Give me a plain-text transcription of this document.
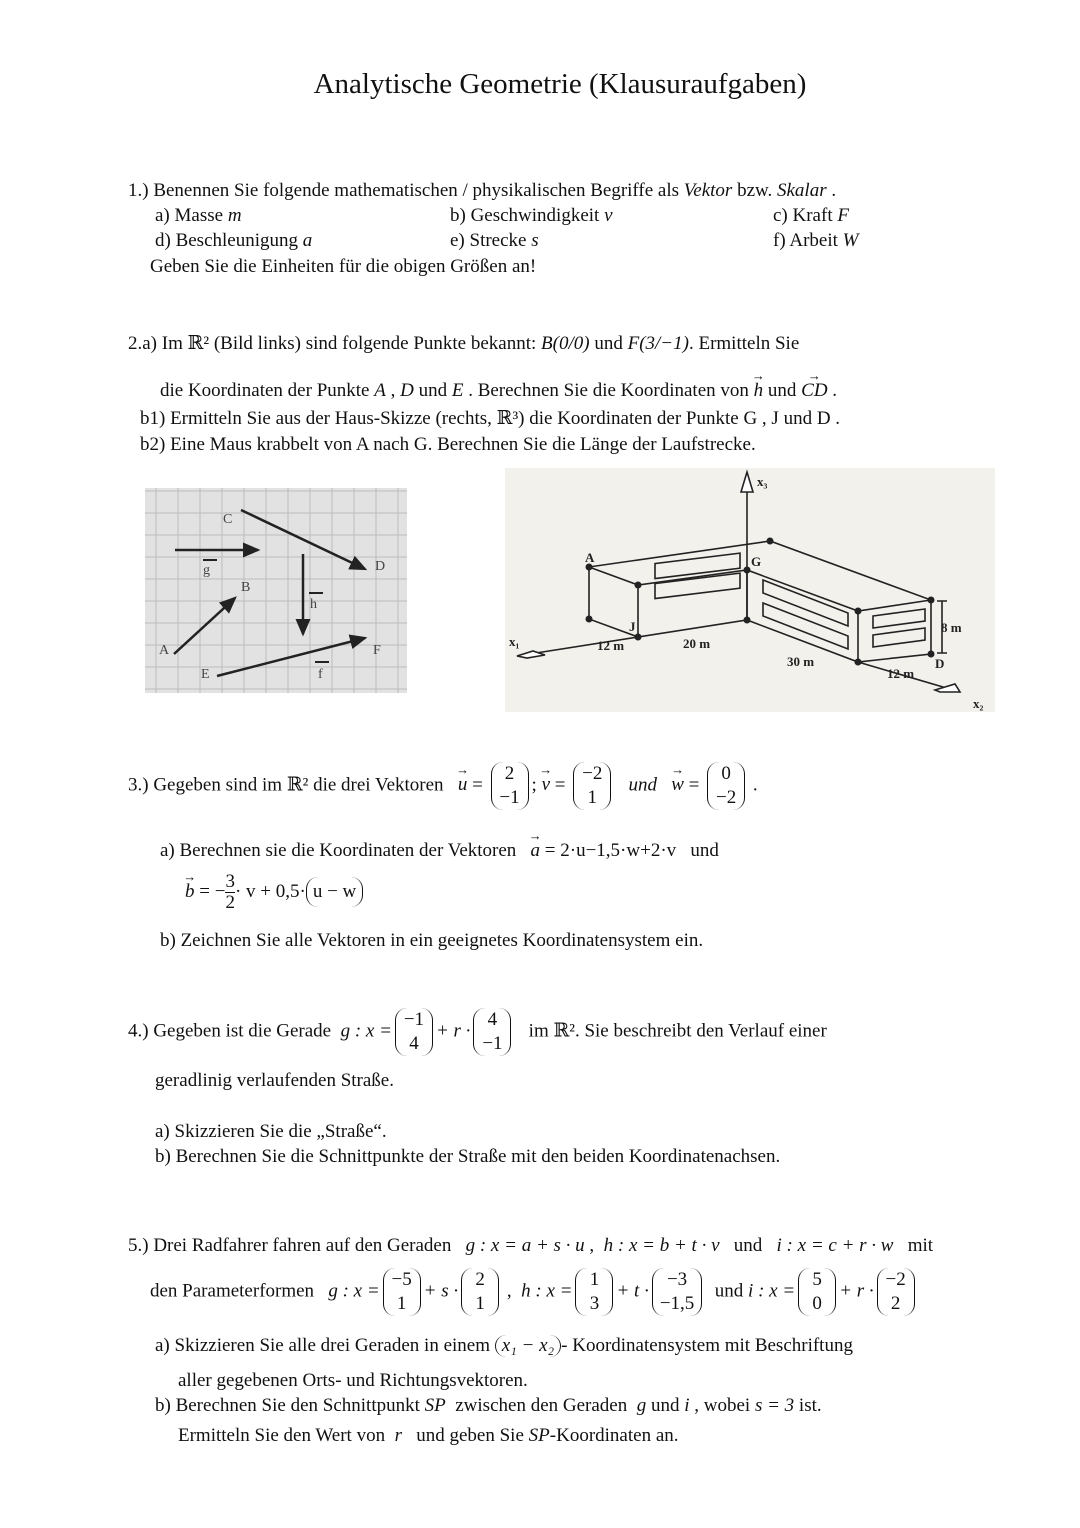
Analytische Geometrie (Klausuraufgaben)
1.) Benennen Sie folgende mathematischen / physikalischen Begriffe als Vektor bzw. Skalar .
a) Masse m	b) Geschwindigkeit v	c) Kraft F
d) Beschleunigung a	e) Strecke s	f) Arbeit W
Geben Sie die Einheiten für die obigen Größen an!
2.a) Im ℝ² (Bild links) sind folgende Punkte bekannt: B(0/0) und F(3/−1). Ermitteln Sie
die Koordinaten der Punkte A , D und E . Berechnen Sie die Koordinaten von → h und → CD .
b1) Ermitteln Sie aus der Haus-Skizze (rechts, ℝ³) die Koordinaten der Punkte G , J und D .
b2) Eine Maus krabbelt von A nach G. Berechnen Sie die Länge der Laufstrecke.
C
D
g
B
h
A	F
E	f
x₃
x₁
x₂
A	G
J
D
12 m	20 m
30 m
12 m
8 m
3.) Gegeben sind im ℝ² die drei Vektoren → u =
2
−1
; → v =
−2
1
und → w =
0
−2
.
a) Berechnen sie die Koordinaten der Vektoren → a = 2·u−1,5·w+2·v und
→ b = − $\frac{3}{2} \cdot v + 0,5\cdot u - w$
b) Zeichnen Sie alle Vektoren in ein geeignetes Koordinatensystem ein.
4.) Gegeben ist die Gerade g : x =
−1
4
+ r ·
4
−1
im ℝ². Sie beschreibt den Verlauf einer
geradlinig verlaufenden Straße.
a) Skizzieren Sie die „Straße“.
b) Berechnen Sie die Schnittpunkte der Straße mit den beiden Koordinatenachsen.
5.) Drei Radfahrer fahren auf den Geraden g : x = a + s · u ,  h : x = b + t · v und i : x = c + r · w mit
den Parameterformen g : x =
−5
1
+ s ·
2
1
,  h : x =
1
3
+ t ·
−3
−1,5
und i : x =
5
0
+ r ·
−2
2
a) Skizzieren Sie alle drei Geraden in einem x₁ − x₂ - Koordinatensystem mit Beschriftung
aller gegebenen Orts- und Richtungsvektoren.
b) Berechnen Sie den Schnittpunkt SP zwischen den Geraden g und i , wobei s = 3 ist.
Ermitteln Sie den Wert von r und geben Sie SP-Koordinaten an.
